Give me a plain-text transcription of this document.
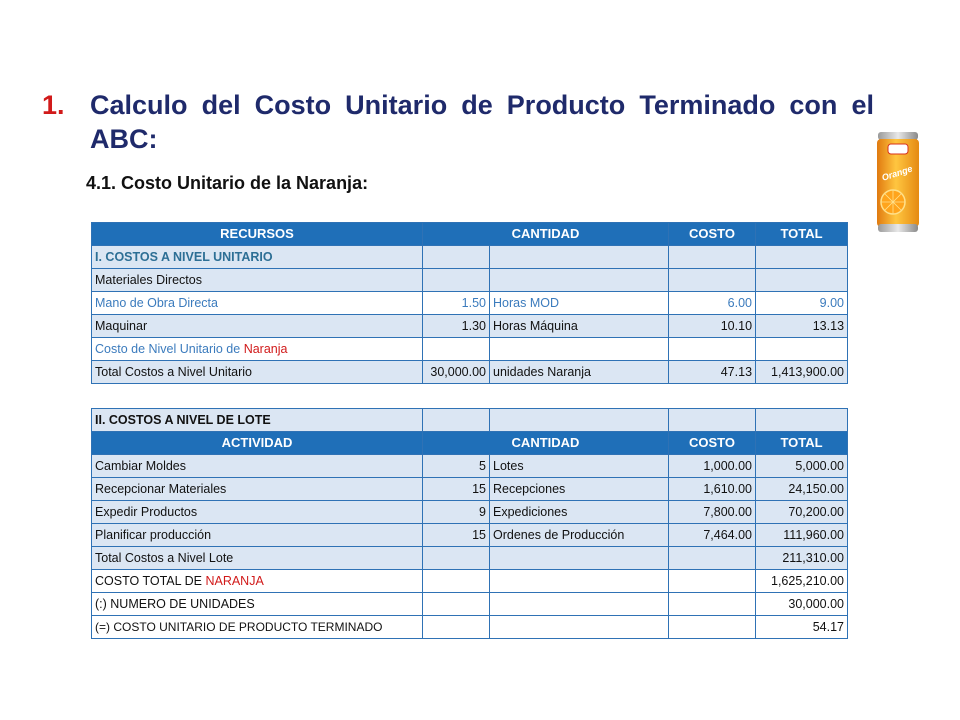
1. Calculo del Costo Unitario de Producto Terminado con el ABC:
4.1. Costo Unitario de la Naranja:	Orange
RECURSOS	CANTIDAD		COSTO	TOTAL
I. COSTOS A NIVEL UNITARIO				
Materiales Directos				
Mano de Obra Directa	1.50	Horas MOD	6.00	9.00
Maquinar	1.30	Horas Máquina	10.10	13.13
Costo de Nivel Unitario de Naranja				
Total Costos a Nivel Unitario	30,000.00	unidades Naranja	47.13	1,413,900.00
II. COSTOS A NIVEL DE LOTE				
ACTIVIDAD	CANTIDAD		COSTO	TOTAL
Cambiar Moldes	5	Lotes	1,000.00	5,000.00
Recepcionar Materiales	15	Recepciones	1,610.00	24,150.00
Expedir Productos	9	Expediciones	7,800.00	70,200.00
Planificar producción	15	Ordenes de Producción	7,464.00	111,960.00
Total Costos a Nivel Lote				211,310.00
COSTO TOTAL DE NARANJA				1,625,210.00
(:) NUMERO DE UNIDADES				30,000.00
(=) COSTO UNITARIO DE PRODUCTO TERMINADO				54.17
